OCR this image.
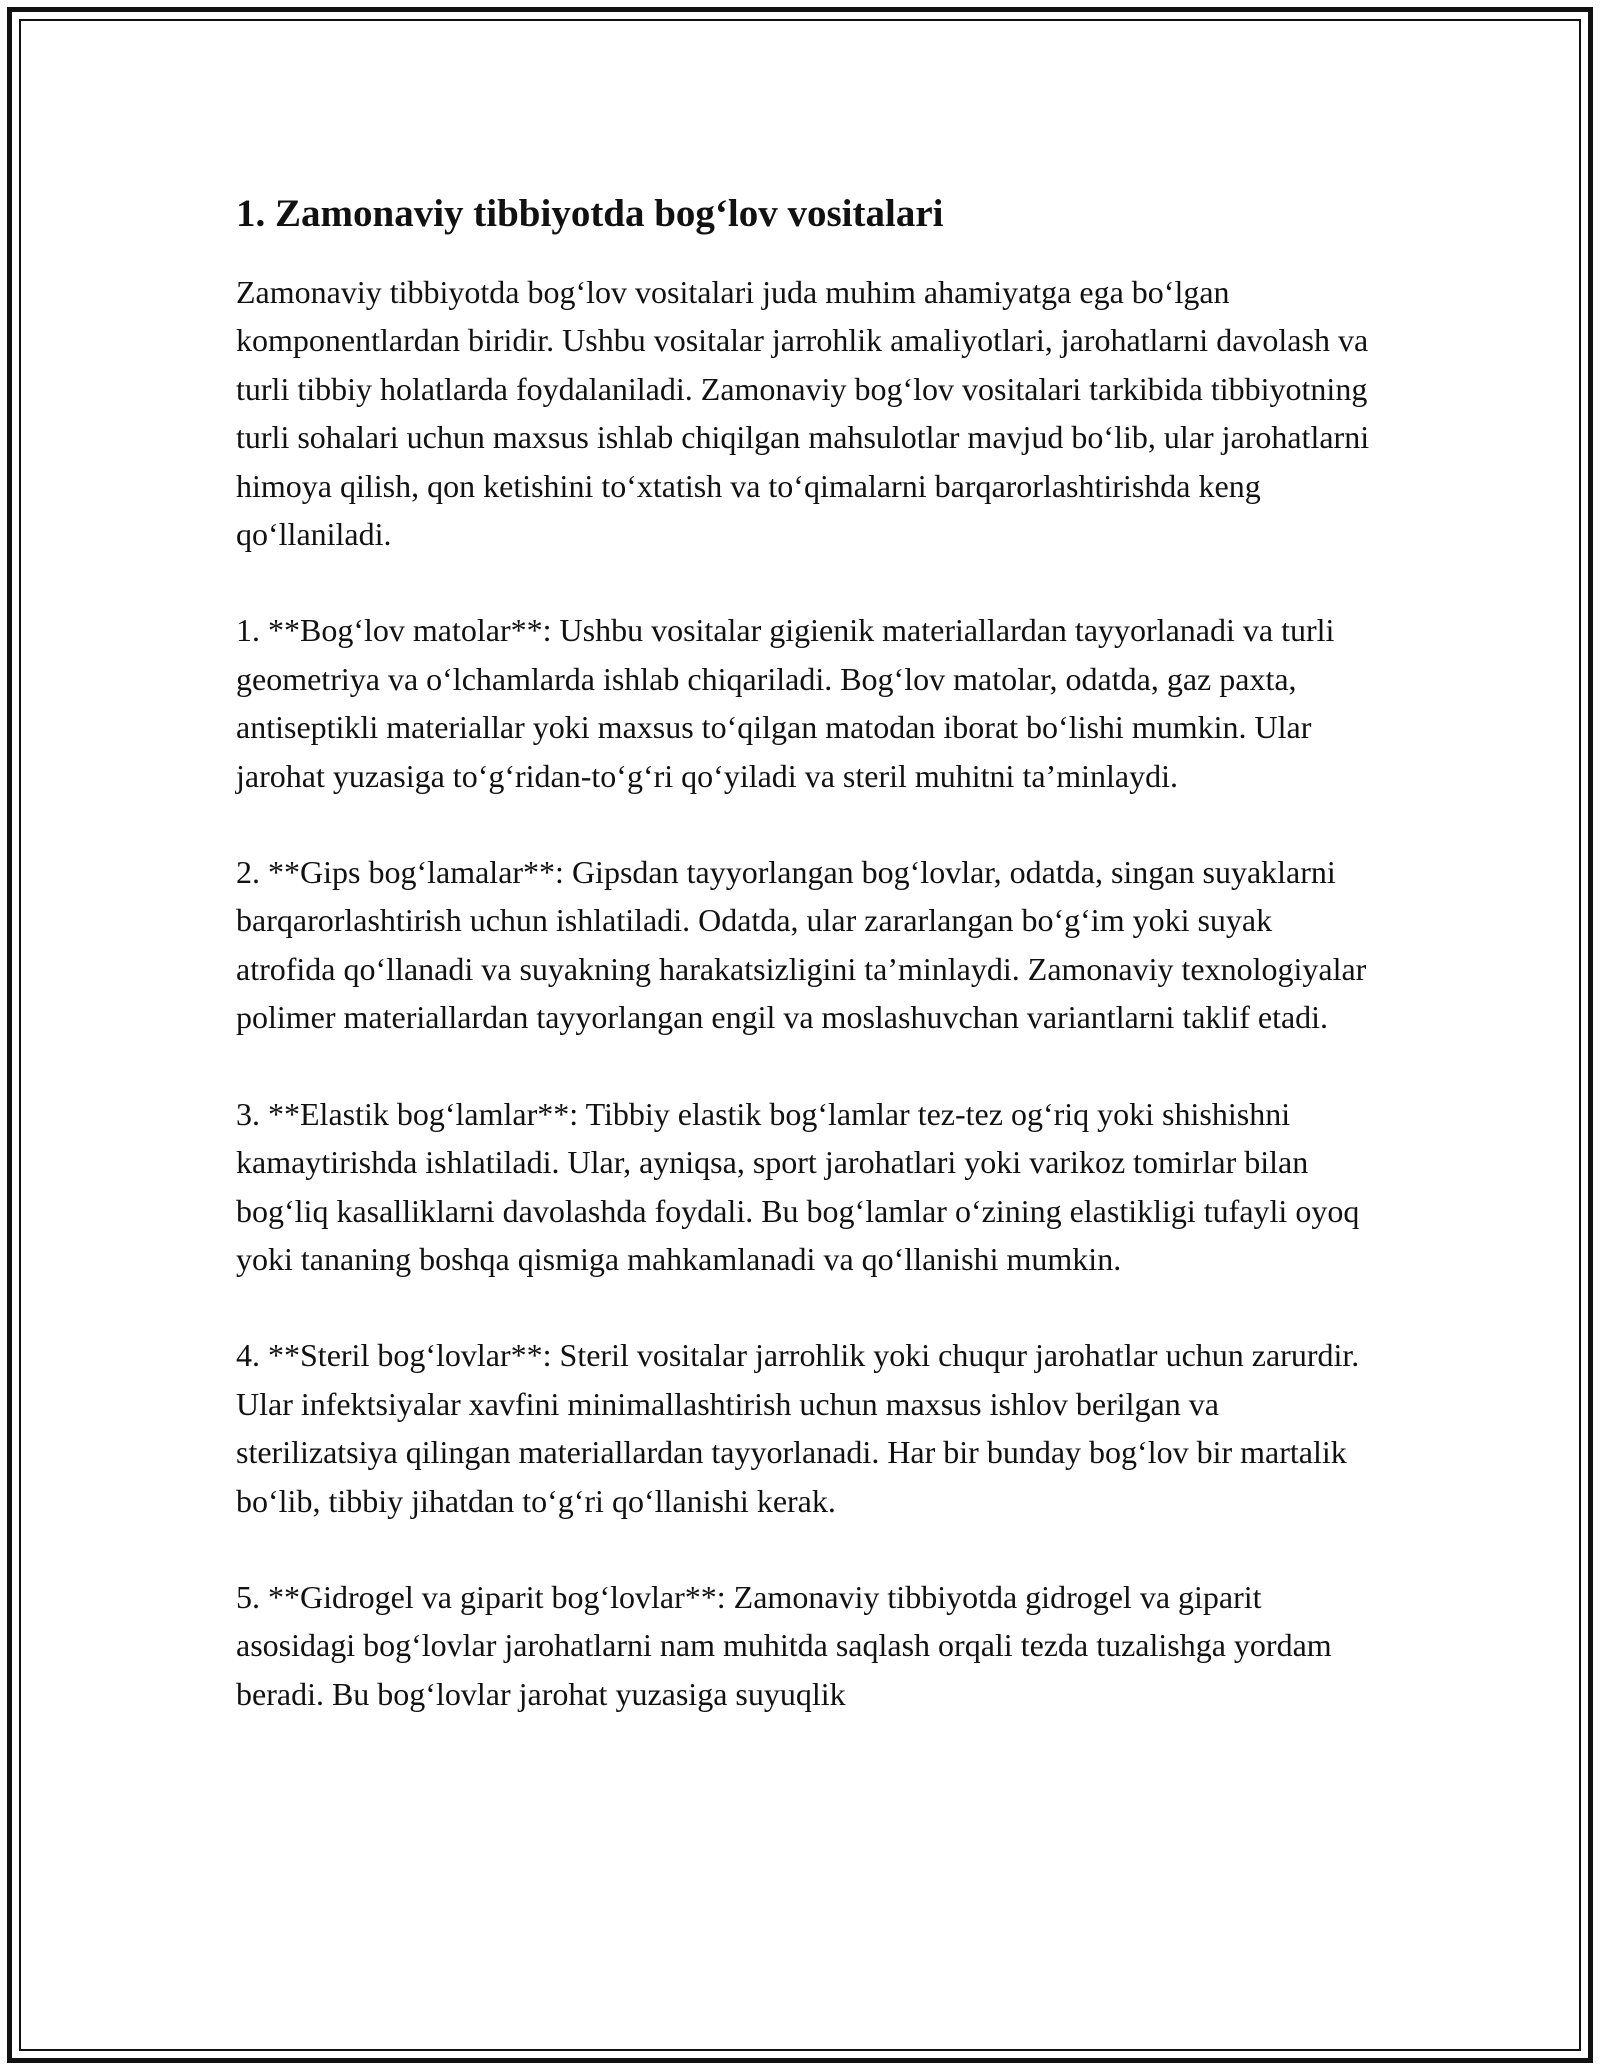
1. Zamonaviy tibbiyotda bog‘lov vositalari

Zamonaviy tibbiyotda bog‘lov vositalari juda muhim ahamiyatga ega bo‘lgan komponentlardan biridir. Ushbu vositalar jarrohlik amaliyotlari, jarohatlarni davolash va turli tibbiy holatlarda foydalaniladi. Zamonaviy bog‘lov vositalari tarkibida tibbiyotning turli sohalari uchun maxsus ishlab chiqilgan mahsulotlar mavjud bo‘lib, ular jarohatlarni himoya qilish, qon ketishini to‘xtatish va to‘qimalarni barqarorlashtirishda keng qo‘llaniladi.

1. **Bog‘lov matolar**: Ushbu vositalar gigienik materiallardan tayyorlanadi va turli geometriya va o‘lchamlarda ishlab chiqariladi. Bog‘lov matolar, odatda, gaz paxta, antiseptikli materiallar yoki maxsus to‘qilgan matodan iborat bo‘lishi mumkin. Ular jarohat yuzasiga to‘g‘ridan-to‘g‘ri qo‘yiladi va steril muhitni ta’minlaydi.

2. **Gips bog‘lamalar**: Gipsdan tayyorlangan bog‘lovlar, odatda, singan suyaklarni barqarorlashtirish uchun ishlatiladi. Odatda, ular zararlangan bo‘g‘im yoki suyak atrofida qo‘llanadi va suyakning harakatsizligini ta’minlaydi. Zamonaviy texnologiyalar polimer materiallardan tayyorlangan engil va moslashuvchan variantlarni taklif etadi.

3. **Elastik bog‘lamlar**: Tibbiy elastik bog‘lamlar tez-tez og‘riq yoki shishishni kamaytirishda ishlatiladi. Ular, ayniqsa, sport jarohatlari yoki varikoz tomirlar bilan bog‘liq kasalliklarni davolashda foydali. Bu bog‘lamlar o‘zining elastikligi tufayli oyoq yoki tananing boshqa qismiga mahkamlanadi va qo‘llanishi mumkin.

4. **Steril bog‘lovlar**: Steril vositalar jarrohlik yoki chuqur jarohatlar uchun zarurdir. Ular infektsiyalar xavfini minimallashtirish uchun maxsus ishlov berilgan va sterilizatsiya qilingan materiallardan tayyorlanadi. Har bir bunday bog‘lov bir martalik bo‘lib, tibbiy jihatdan to‘g‘ri qo‘llanishi kerak.

5. **Gidrogel va giparit bog‘lovlar**: Zamonaviy tibbiyotda gidrogel va giparit asosidagi bog‘lovlar jarohatlarni nam muhitda saqlash orqali tezda tuzalishga yordam beradi. Bu bog‘lovlar jarohat yuzasiga suyuqlik
